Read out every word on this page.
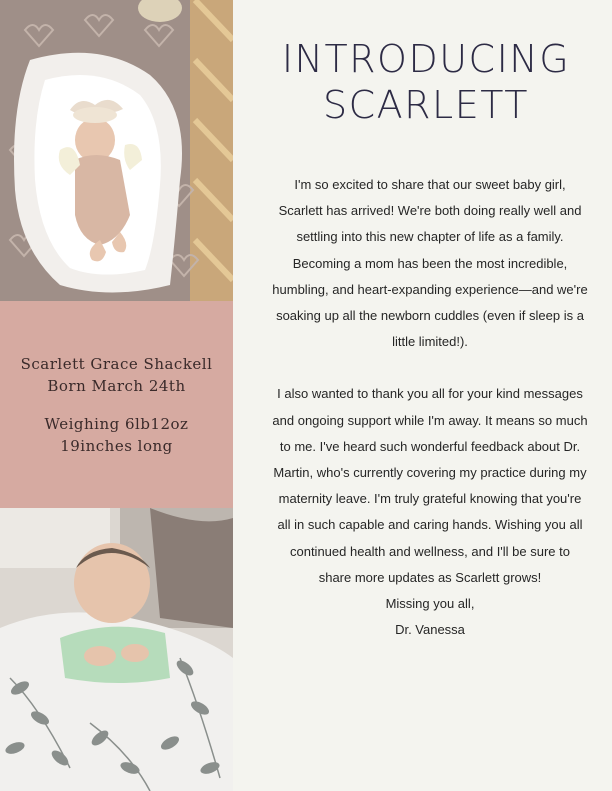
Scarlett Grace Shackell
Born March 24th
Weighing 6lb12oz
19inches long
INTRODUCING
SCARLETT

I'm so excited to share that our sweet baby girl, Scarlett has arrived! We're both doing really well and settling into this new chapter of life as a family. Becoming a mom has been the most incredible, humbling, and heart-expanding experience—and we're soaking up all the newborn cuddles (even if sleep is a little limited!).

I also wanted to thank you all for your kind messages and ongoing support while I'm away. It means so much to me. I've heard such wonderful feedback about Dr. Martin, who's currently covering my practice during my maternity leave. I'm truly grateful knowing that you're all in such capable and caring hands. Wishing you all continued health and wellness, and I'll be sure to share more updates as Scarlett grows!

Missing you all,

Dr. Vanessa
